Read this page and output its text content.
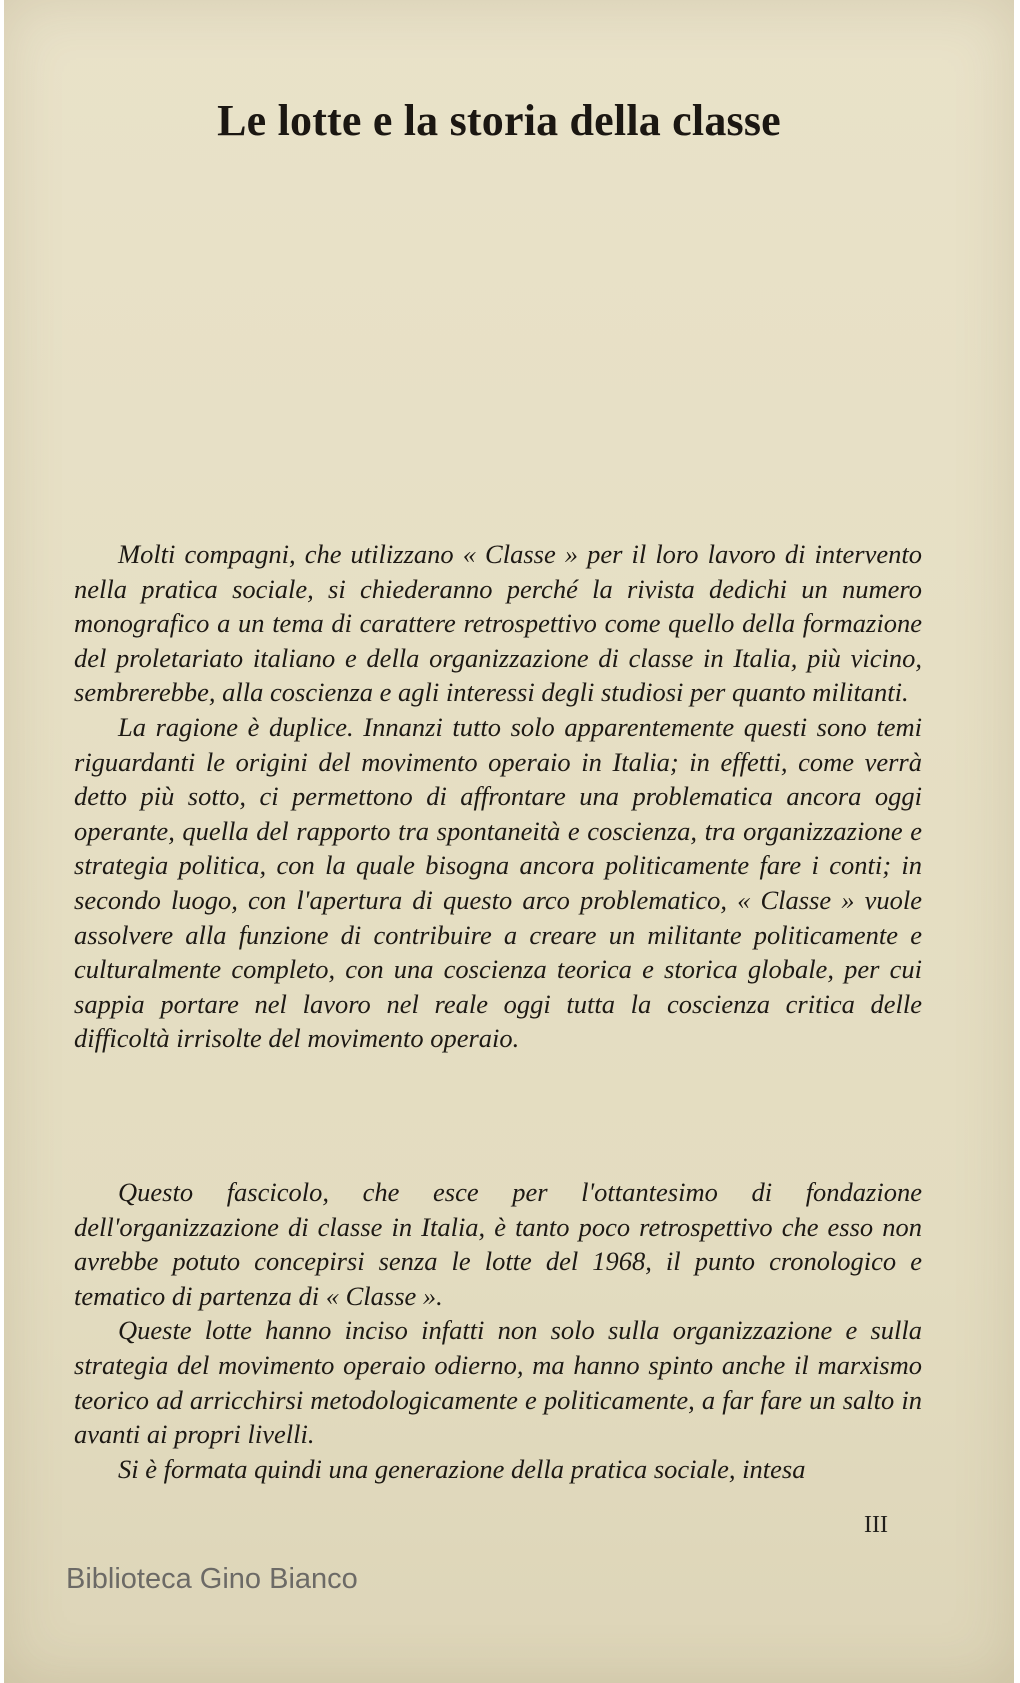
Le lotte e la storia della classe

Molti compagni, che utilizzano « Classe » per il loro lavoro di intervento nella pratica sociale, si chiederanno perché la rivista dedichi un numero monografico a un tema di carattere retrospettivo come quello della formazione del proletariato italiano e della organizzazione di classe in Italia, più vicino, sembrerebbe, alla coscienza e agli interessi degli studiosi per quanto militanti.

La ragione è duplice. Innanzi tutto solo apparentemente questi sono temi riguardanti le origini del movimento operaio in Italia; in effetti, come verrà detto più sotto, ci permettono di affrontare una problematica ancora oggi operante, quella del rapporto tra spontaneità e coscienza, tra organizzazione e strategia politica, con la quale bisogna ancora politicamente fare i conti; in secondo luogo, con l'apertura di questo arco problematico, « Classe » vuole assolvere alla funzione di contribuire a creare un militante politicamente e culturalmente completo, con una coscienza teorica e storica globale, per cui sappia portare nel lavoro nel reale oggi tutta la coscienza critica delle difficoltà irrisolte del movimento operaio.

Questo fascicolo, che esce per l'ottantesimo di fondazione dell'organizzazione di classe in Italia, è tanto poco retrospettivo che esso non avrebbe potuto concepirsi senza le lotte del 1968, il punto cronologico e tematico di partenza di « Classe ».

Queste lotte hanno inciso infatti non solo sulla organizzazione e sulla strategia del movimento operaio odierno, ma hanno spinto anche il marxismo teorico ad arricchirsi metodologicamente e politicamente, a far fare un salto in avanti ai propri livelli.

Si è formata quindi una generazione della pratica sociale, intesa

III
Biblioteca Gino Bianco
